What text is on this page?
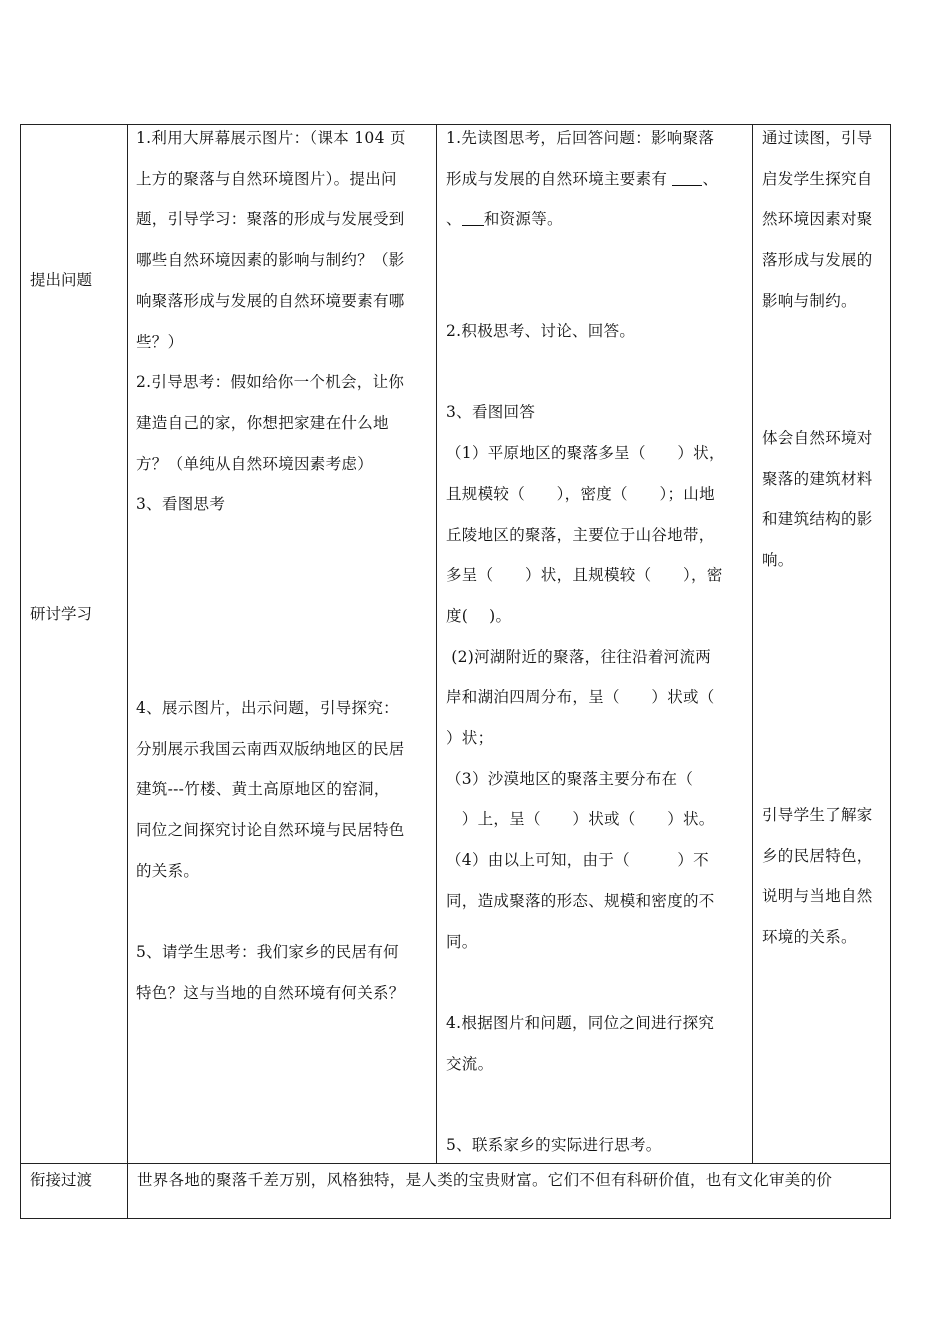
提出问题
研讨学习

1.利用大屏幕展示图片：（课本 104 页

上方的聚落与自然环境图片）。提出问

题，引导学习：聚落的形成与发展受到

哪些自然环境因素的影响与制约？（影

响聚落形成与发展的自然环境要素有哪

些？）

2.引导思考：假如给你一个机会，让你

建造自己的家，你想把家建在什么地

方？（单纯从自然环境因素考虑）

3、看图思考

4、展示图片，出示问题，引导探究：

分别展示我国云南西双版纳地区的民居

建筑---竹楼、黄土高原地区的窑洞，

同位之间探究讨论自然环境与民居特色

的关系。

5、请学生思考：我们家乡的民居有何

特色？这与当地的自然环境有何关系？

1.先读图思考，后回答问题：影响聚落

形成与发展的自然环境主要素有 、

、 和资源等。

2.积极思考、讨论、回答。

3、看图回答

（1）平原地区的聚落多呈（　　）状，

且规模较（　　），密度（　　）；山地

丘陵地区的聚落，主要位于山谷地带，

多呈（　　）状，且规模较（　　），密

度(　 )。

(2)河湖附近的聚落，往往沿着河流两

岸和湖泊四周分布，呈（　　）状或（

）状；

（3）沙漠地区的聚落主要分布在（

　）上，呈（　　）状或（　　）状。

（4）由以上可知，由于（　　　）不

同，造成聚落的形态、规模和密度的不

同。

4.根据图片和问题，同位之间进行探究

交流。

5、联系家乡的实际进行思考。

通过读图，引导

启发学生探究自

然环境因素对聚

落形成与发展的

影响与制约。

体会自然环境对

聚落的建筑材料

和建筑结构的影

响。

引导学生了解家

乡的民居特色，

说明与当地自然

环境的关系。

衔接过渡	世界各地的聚落千差万别，风格独特，是人类的宝贵财富。它们不但有科研价值，也有文化审美的价
